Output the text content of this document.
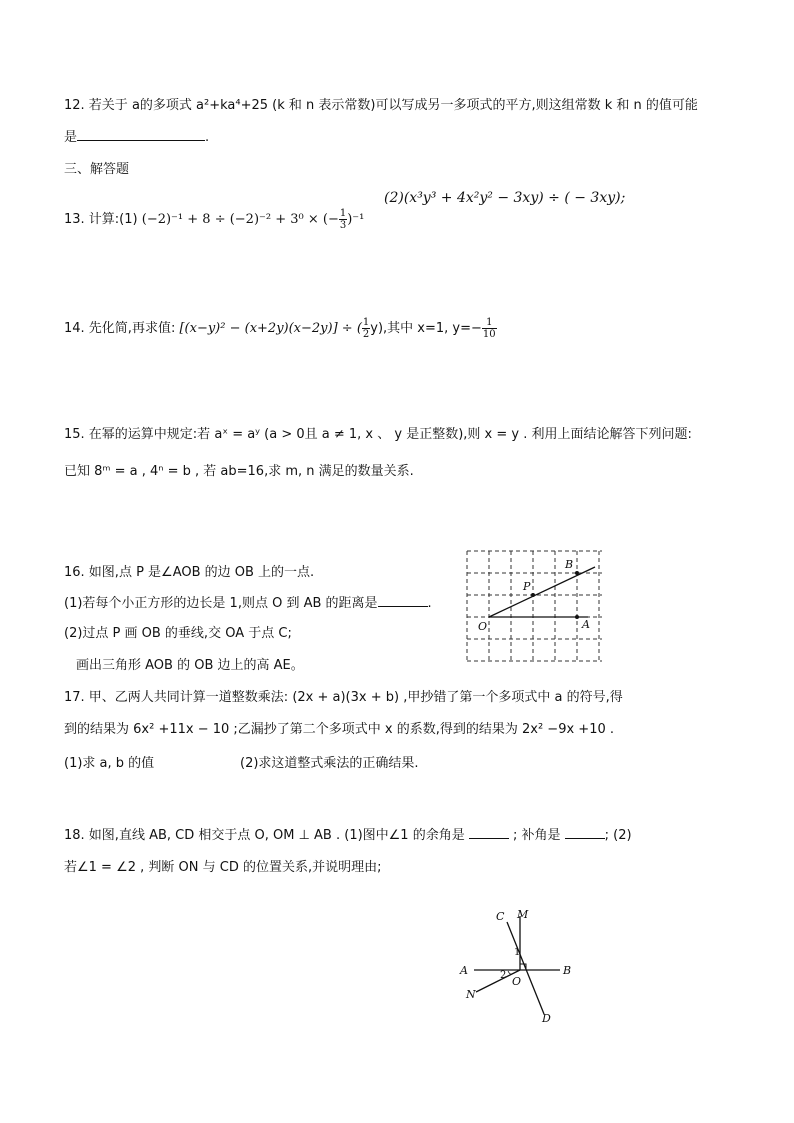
12. 若关于 a的多项式 a²+ka⁴+25 (k 和 n 表示常数)可以写成另一多项式的平方,则这组常数 k 和 n 的值可能
是	.
三、解答题
(2)(x³y³ + 4x²y² − 3xy) ÷ ( − 3xy);
13. 计算:(1) (−2)⁻¹ + 8 ÷ (−2)⁻² + 3⁰ × (− $\frac{1}{3} )^{-1}$
14. 先化简,再求值: [(x−y)² − (x+2y)(x−2y)] ÷ ( $\frac{1}{2} y$),其中 x=1, $y=- \frac{1}{10}$
15. 在幂的运算中规定:若 aˣ = aʸ (a > 0且 a ≠ 1, x 、 y 是正整数),则 x = y . 利用上面结论解答下列问题:
已知 8ᵐ = a , 4ⁿ = b , 若 ab=16,求 m, n 满足的数量关系.
16. 如图,点 P 是∠AOB 的边 OB 上的一点.
(1)若每个小正方形的边长是 1,则点 O 到 AB 的距离是	.
(2)过点 P 画 OB 的垂线,交 OA 于点 C;
画出三角形 AOB 的 OB 边上的高 AE。
O	A
B
P
17. 甲、乙两人共同计算一道整数乘法: (2x + a)(3x + b) ,甲抄错了第一个多项式中 a 的符号,得
到的结果为 6x² +11x − 10 ;乙漏抄了第二个多项式中 x 的系数,得到的结果为 2x² −9x +10 .
(1)求 a, b 的值	(2)求这道整式乘法的正确结果.
18. 如图,直线 AB, CD 相交于点 O, OM ⊥ AB . (1)图中∠1 的余角是	; 补角是	; (2)
若∠1 = ∠2 , 判断 ON 与 CD 的位置关系,并说明理由;
C M
A	B
O
N
D
1
2
